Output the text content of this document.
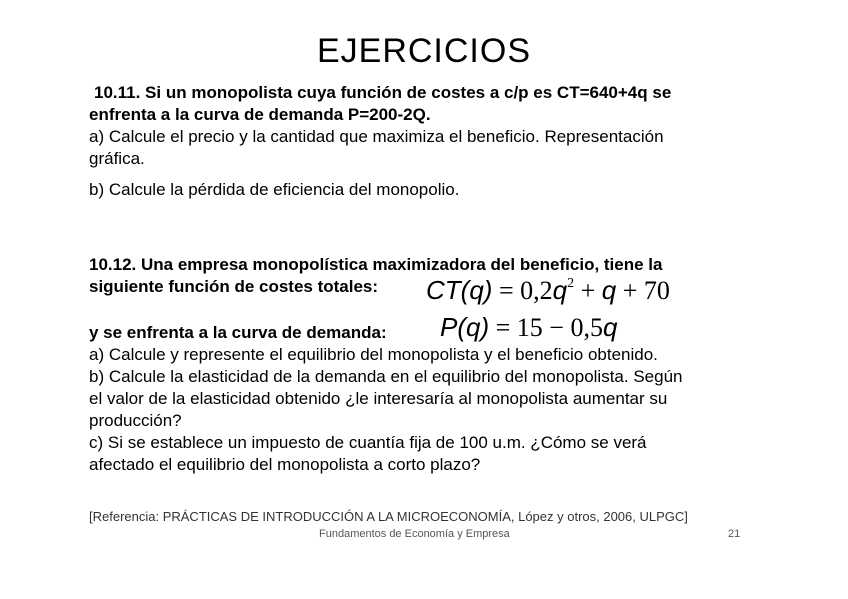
EJERCICIOS
10.11. Si un monopolista cuya función de costes a c/p es CT=640+4q se
enfrenta a la curva de demanda P=200-2Q.
a) Calcule el precio y la cantidad que maximiza el beneficio. Representación
gráfica.
b) Calcule la pérdida de eficiencia del monopolio.
10.12. Una empresa monopolística maximizadora del beneficio, tiene la
siguiente función de costes totales:	$CT(q) = 0,2q^2 + q + 70$
y se enfrenta a la curva de demanda:
a) Calcule y represente el equilibrio del monopolista y el beneficio obtenido.
b) Calcule la elasticidad de la demanda en el equilibrio del monopolista. Según
el valor de la elasticidad obtenido ¿le interesaría al monopolista aumentar su
producción?
c) Si se establece un impuesto de cuantía fija de 100 u.m. ¿Cómo se verá
afectado el equilibrio del monopolista a corto plazo?
P(q) = 15 − 0,5q
[Referencia: PRÁCTICAS DE INTRODUCCIÓN A LA MICROECONOMÍA, López y otros, 2006, ULPGC]
Fundamentos de Economía y Empresa	21
